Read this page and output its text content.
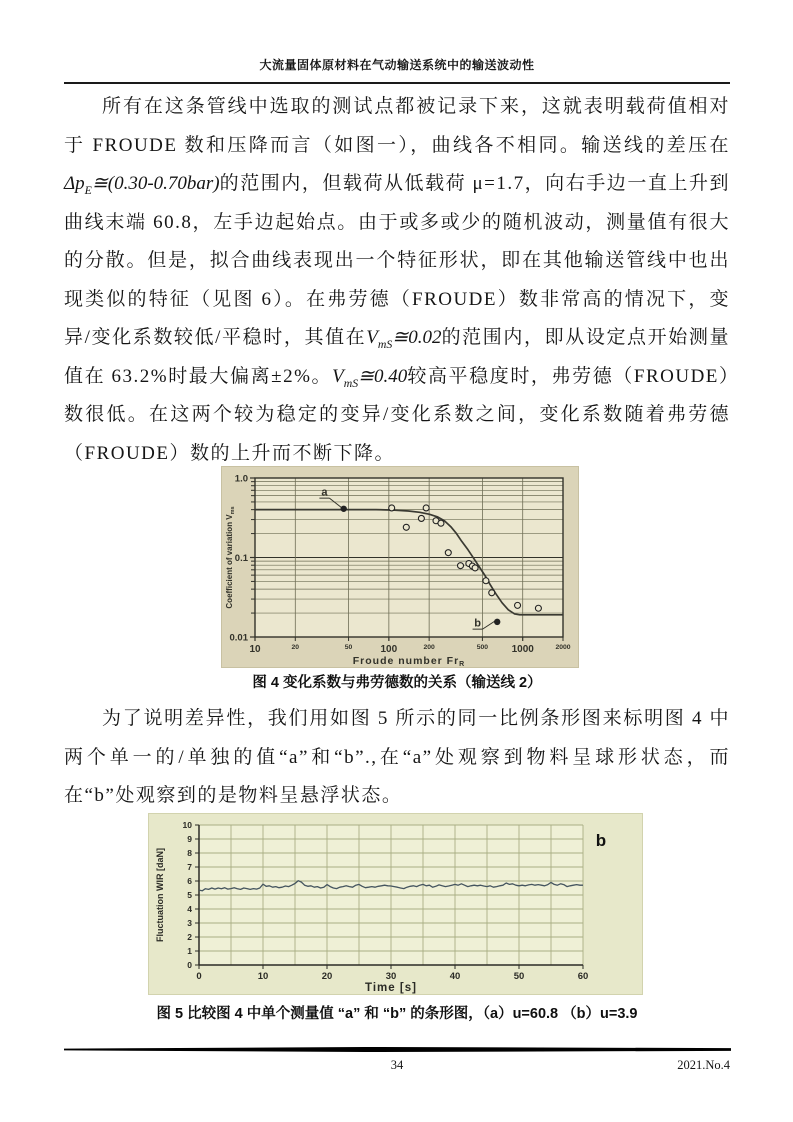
大流量固体原材料在气动输送系统中的输送波动性

所有在这条管线中选取的测试点都被记录下来，这就表明载荷值相对于 FROUDE 数和压降而言（如图一），曲线各不相同。输送线的差压在$\Delta p_E≅(0.30-0.70bar)$的范围内，但载荷从低载荷 μ=1.7，向右手边一直上升到曲线末端 60.8，左手边起始点。由于或多或少的随机波动，测量值有很大的分散。但是，拟合曲线表现出一个特征形状，即在其他输送管线中也出现类似的特征（见图 6）。在弗劳德（FROUDE）数非常高的情况下，变异/变化系数较低/平稳时，其值在$V_{mS}≅0.02$的范围内，即从设定点开始测量值在 63.2%时最大偏离±2%。$V_{mS}≅0.40$较高平稳度时，弗劳德（FROUDE）数很低。在这两个较为稳定的变异/变化系数之间，变化系数随着弗劳德（FROUDE）数的上升而不断下降。

1.0
0.1
0.01
10	100	1000
20	50	200	500	2000
Froude number FrR
Coefficient of variation $V_{ms}$
a
b

图 4 变化系数与弗劳德数的关系（输送线 2）

为了说明差异性，我们用如图 5 所示的同一比例条形图来标明图 4 中两个单一的/单独的值“a”和“b”.,在“a”处观察到物料呈球形状态，而在“b”处观察到的是物料呈悬浮状态。

0
1
2
3
4
5
6
7
8
9
10
0	10	20	30	40	50	60
Time [s]
Fluctuation WIR [daN]
b

图 5 比较图 4 中单个测量值 “a” 和 “b” 的条形图，（a）u=60.8 （b）u=3.9

34	2021.No.4
